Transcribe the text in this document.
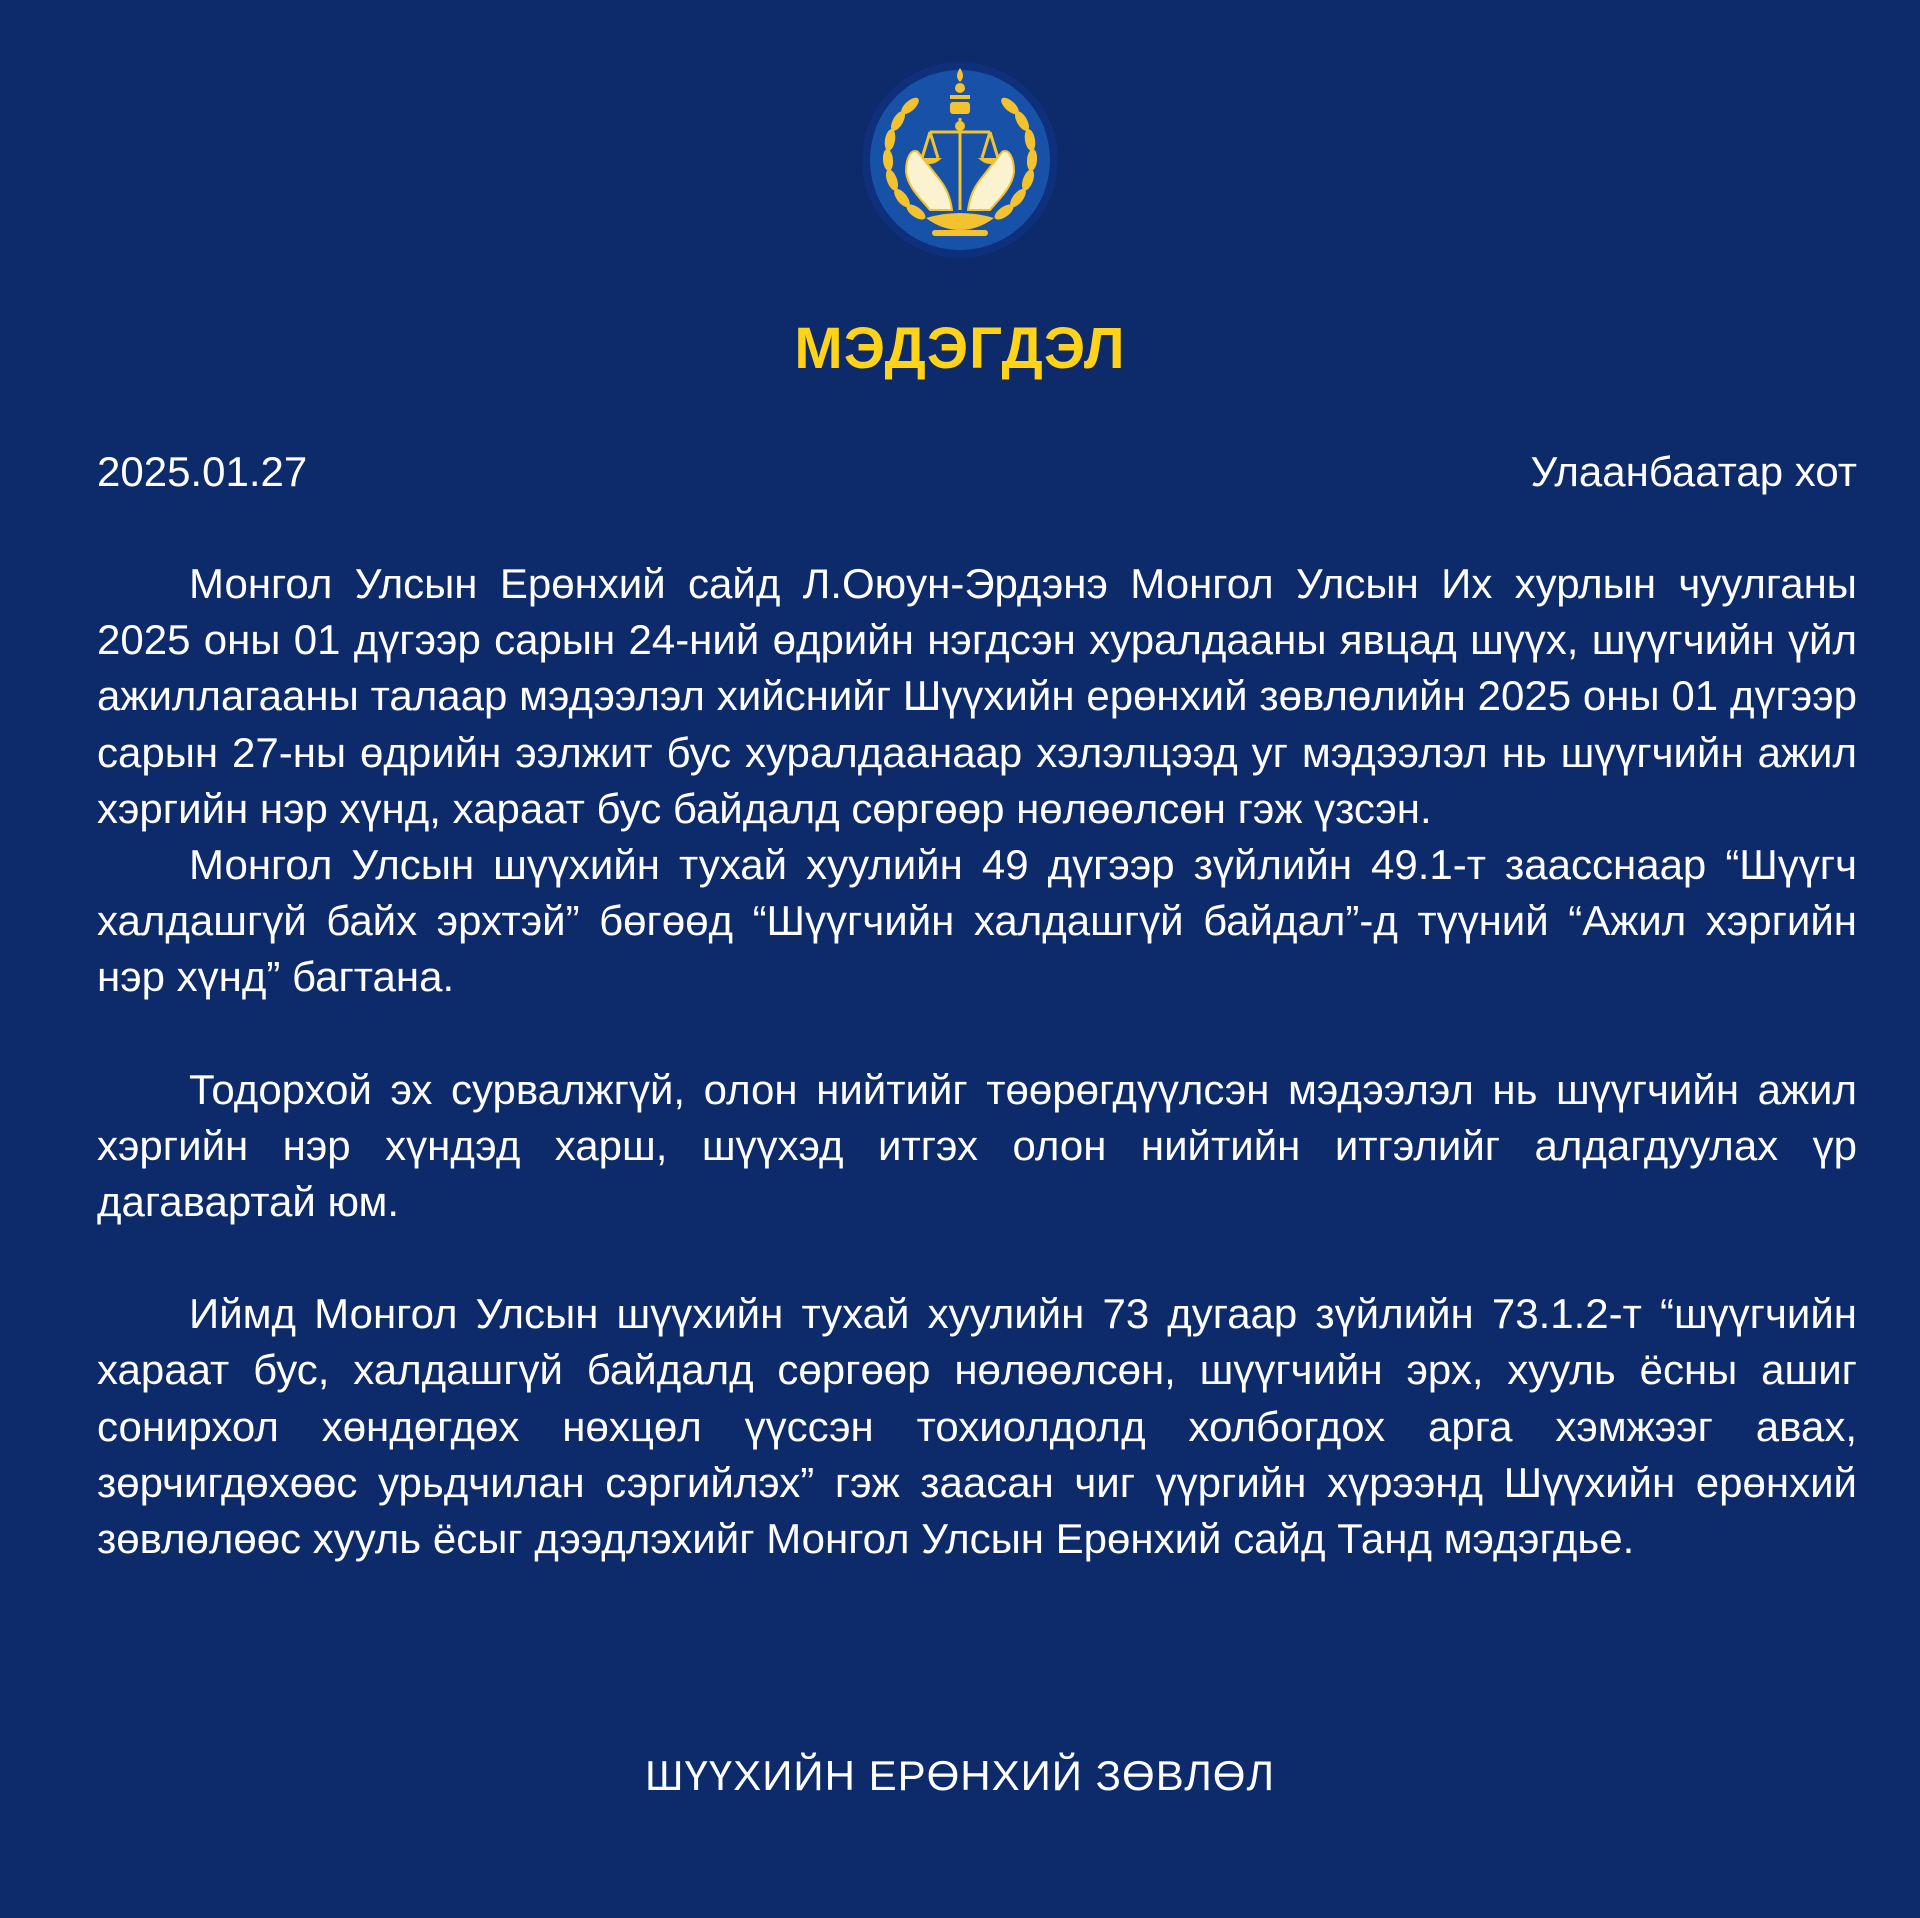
МЭДЭГДЭЛ
2025.01.27	Улаанбаатар хот

Монгол Улсын Ерөнхий сайд Л.Оюун-Эрдэнэ Монгол Улсын Их хурлын чуулганы 2025 оны 01 дүгээр сарын 24-ний өдрийн нэгдсэн хуралдааны явцад шүүх, шүүгчийн үйл ажиллагааны талаар мэдээлэл хийснийг Шүүхийн ерөнхий зөвлөлийн 2025 оны 01 дүгээр сарын 27-ны өдрийн ээлжит бус хуралдаанаар хэлэлцээд уг мэдээлэл нь шүүгчийн ажил хэргийн нэр хүнд, хараат бус байдалд сөргөөр нөлөөлсөн гэж үзсэн.

Монгол Улсын шүүхийн тухай хуулийн 49 дүгээр зүйлийн 49.1-т заасснаар “Шүүгч халдашгүй байх эрхтэй” бөгөөд “Шүүгчийн халдашгүй байдал”-д түүний “Ажил хэргийн нэр хүнд” багтана.

Тодорхой эх сурвалжгүй, олон нийтийг төөрөгдүүлсэн мэдээлэл нь шүүгчийн ажил хэргийн нэр хүндэд харш, шүүхэд итгэх олон нийтийн итгэлийг алдагдуулах үр дагавартай юм.

Иймд Монгол Улсын шүүхийн тухай хуулийн 73 дугаар зүйлийн 73.1.2-т “шүүгчийн хараат бус, халдашгүй байдалд сөргөөр нөлөөлсөн, шүүгчийн эрх, хууль ёсны ашиг сонирхол хөндөгдөх нөхцөл үүссэн тохиолдолд холбогдох арга хэмжээг авах, зөрчигдөхөөс урьдчилан сэргийлэх” гэж заасан чиг үүргийн хүрээнд Шүүхийн ерөнхий зөвлөлөөс хууль ёсыг дээдлэхийг Монгол Улсын Ерөнхий сайд Танд мэдэгдье.

ШҮҮХИЙН ЕРӨНХИЙ ЗӨВЛӨЛ
